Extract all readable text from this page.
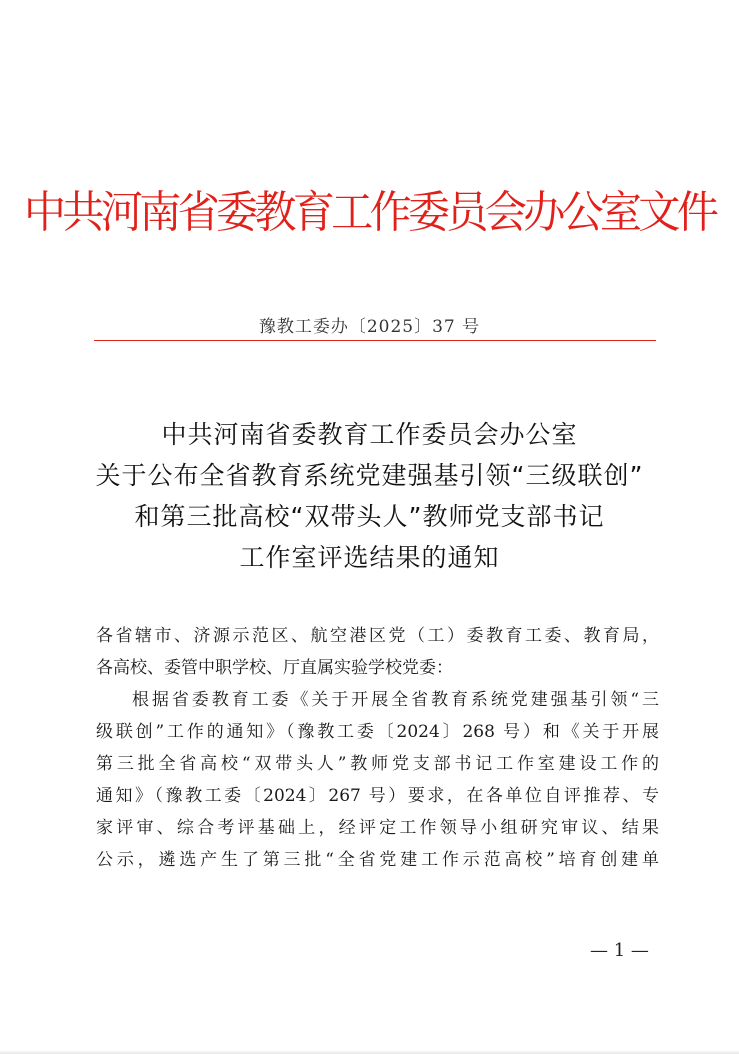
中共河南省委教育工作委员会办公室文件
豫教工委办〔2025〕37 号
中共河南省委教育工作委员会办公室
关于公布全省教育系统党建强基引领“三级联创”
和第三批高校“双带头人”教师党支部书记
工作室评选结果的通知
各省辖市、济源示范区、航空港区党（工）委教育工委、教育局，
各高校、委管中职学校、厅直属实验学校党委：
根据省委教育工委《关于开展全省教育系统党建强基引领“三
级联创”工作的通知》（豫教工委〔2024〕268 号）和《关于开展
第三批全省高校“双带头人”教师党支部书记工作室建设工作的
通知》（豫教工委〔2024〕267 号）要求，在各单位自评推荐、专
家评审、综合考评基础上，经评定工作领导小组研究审议、结果
公示，遴选产生了第三批“全省党建工作示范高校”培育创建单
— 1 —
